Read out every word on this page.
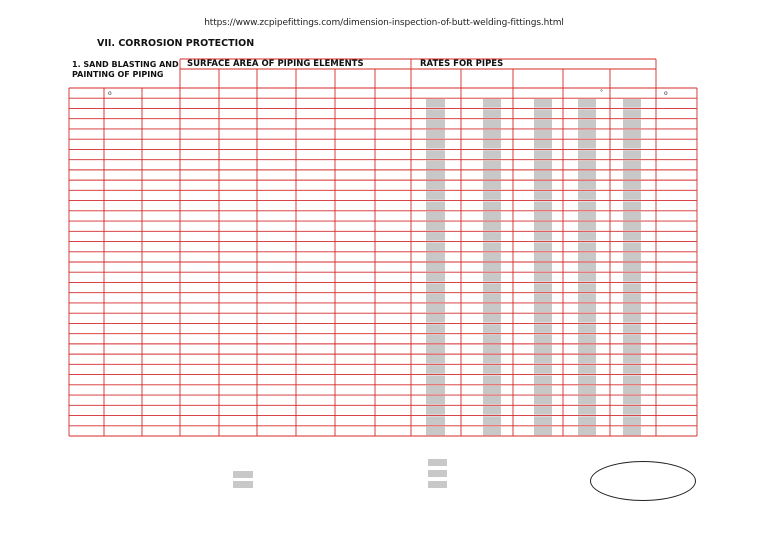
https://www.zcpipefittings.com/dimension-inspection-of-butt-welding-fittings.html
VII. CORROSION PROTECTION
1. SAND BLASTING AND
PAINTING OF PIPING
SURFACE AREA OF PIPING ELEMENTS	RATES FOR PIPES
o	°	o
